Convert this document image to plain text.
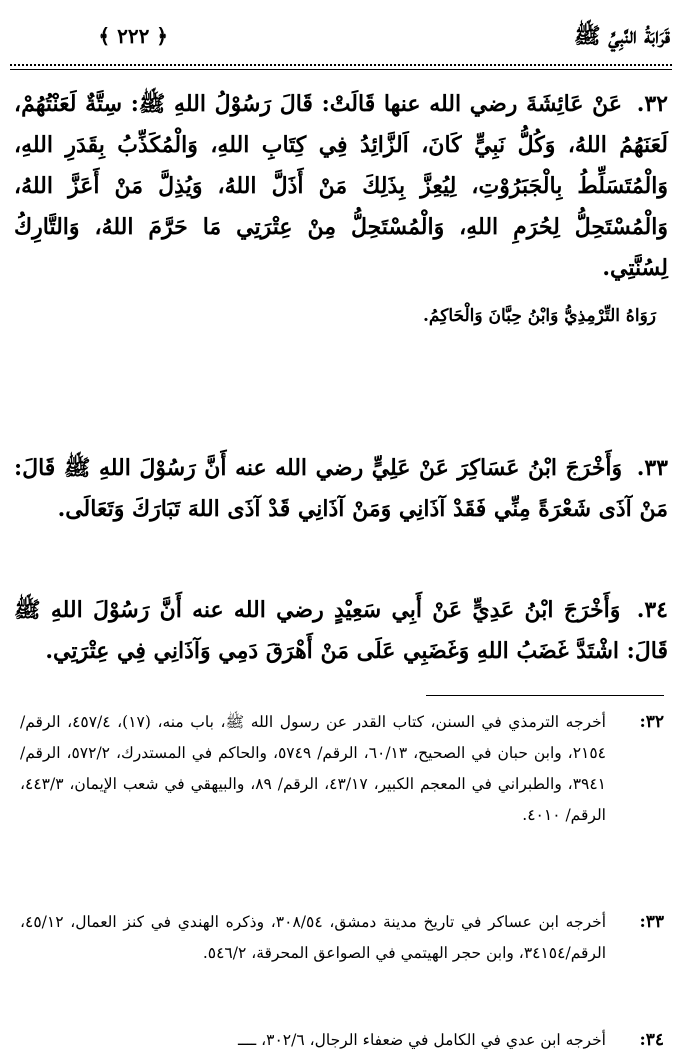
قَرَابَةُ النَّبِيِّ ﷺ
﴿ ٢٢٢ ﴾
٣٢. عَنْ عَائِشَةَ رضي الله عنها قَالَتْ: قَالَ رَسُوْلُ اللهِ ﷺ: سِتَّةٌ لَعَنْتُهُمْ، لَعَنَهُمُ اللهُ، وَكُلُّ نَبِيٍّ كَانَ، اَلزَّائِدُ فِي كِتَابِ اللهِ، وَالْمُكَذِّبُ بِقَدَرِ اللهِ، وَالْمُتَسَلِّطُ بِالْجَبَرُوْتِ، لِيُعِزَّ بِذَلِكَ مَنْ أَذَلَّ اللهُ، وَيُذِلَّ مَنْ أَعَزَّ اللهُ، وَالْمُسْتَحِلُّ لِحُرَمِ اللهِ، وَالْمُسْتَحِلُّ مِنْ عِتْرَتِي مَا حَرَّمَ اللهُ، وَالتَّارِكُ لِسُنَّتِي.
رَوَاهُ التِّرْمِذِيُّ وَابْنُ حِبَّانَ وَالْحَاكِمُ.
٣٣. وَأَخْرَجَ ابْنُ عَسَاكِرَ عَنْ عَلِيٍّ رضي الله عنه أَنَّ رَسُوْلَ اللهِ ﷺ قَالَ: مَنْ آذَى شَعْرَةً مِنِّي فَقَدْ آذَانِي وَمَنْ آذَانِي قَدْ آذَى اللهَ تَبَارَكَ وَتَعَالَى.
٣٤. وَأَخْرَجَ ابْنُ عَدِيٍّ عَنْ أَبِي سَعِيْدٍ رضي الله عنه أَنَّ رَسُوْلَ اللهِ ﷺ قَالَ: اشْتَدَّ غَضَبُ اللهِ وَغَضَبِي عَلَى مَنْ أَهْرَقَ دَمِي وَآذَانِي فِي عِتْرَتِي.
٣٢:
أخرجه الترمذي في السنن، كتاب القدر عن رسول الله ﷺ، باب منه، (١٧)، ٤٥٧/٤، الرقم/ ٢١٥٤، وابن حبان في الصحيح، ٦٠/١٣، الرقم/ ٥٧٤٩، والحاكم في المستدرك، ٥٧٢/٢، الرقم/ ٣٩٤١، والطبراني في المعجم الكبير، ٤٣/١٧، الرقم/ ٨٩، والبيهقي في شعب الإيمان، ٤٤٣/٣، الرقم/ ٤٠١٠.
٣٣:
أخرجه ابن عساكر في تاريخ مدينة دمشق، ٣٠٨/٥٤، وذكره الهندي في كنز العمال، ٤٥/١٢، الرقم/٣٤١٥٤، وابن حجر الهيتمي في الصواعق المحرقة، ٥٤٦/٢.
٣٤:
أخرجه ابن عدي في الكامل في ضعفاء الرجال، ٣٠٢/٦، ــــ
